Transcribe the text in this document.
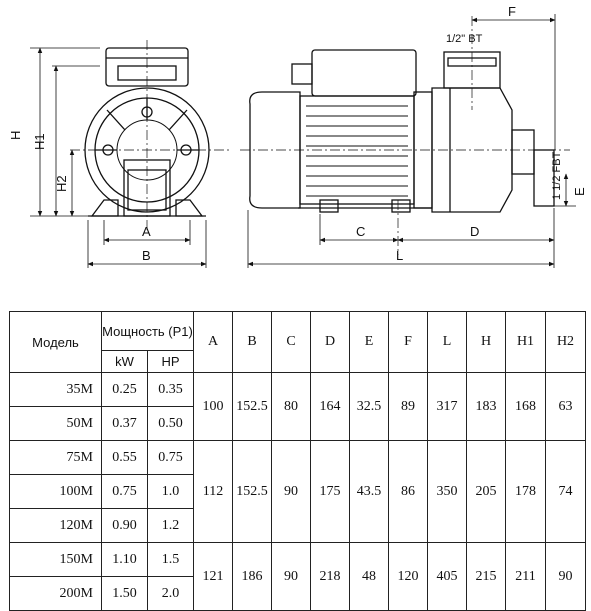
H H1
H2
A
B
F
1/2" BT
1 1/2 FBT E
C	D
L
Модель	Мощность (P1)		A	B	C	D	E	F	L	H	H1	H2
	kW	HP										
35M	0.25	0.35	100	152.5	80	164	32.5	89	317	183	168	63
50M	0.37	0.50										
75M	0.55	0.75	112	152.5	90	175	43.5	86	350	205	178	74
100M	0.75	1.0										
120M	0.90	1.2										
150M	1.10	1.5	121	186	90	218	48	120	405	215	211	90
200M	1.50	2.0										
